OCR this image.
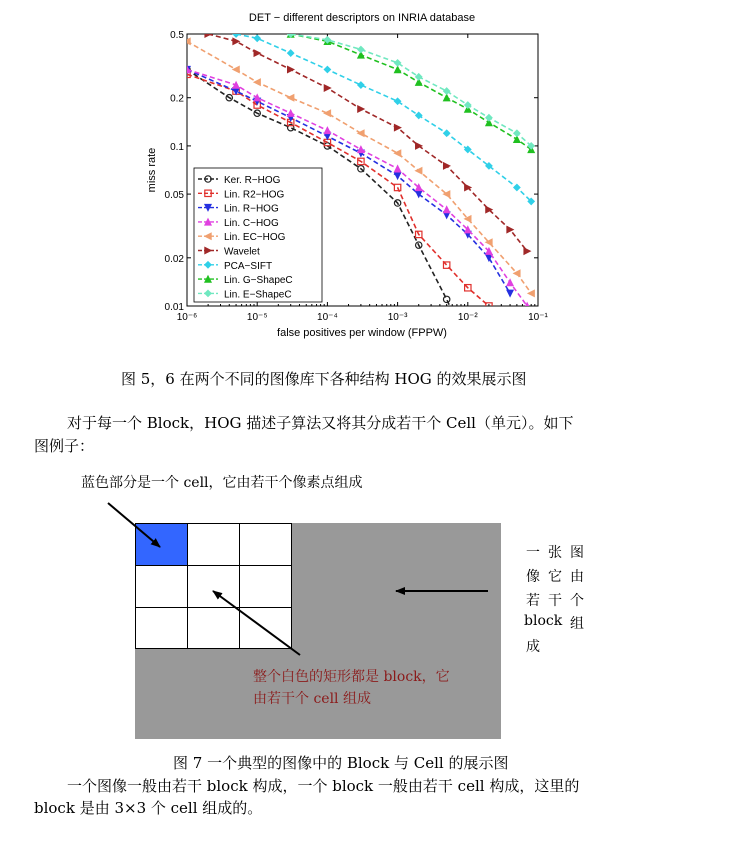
DET − different descriptors on INRIA database
10⁻⁶	10⁻⁵	10⁻⁴	10⁻³	10⁻²	10⁻¹
0.5
0.2
0.1
0.05
0.02
0.01
Ker. R−HOG
Lin. R2−HOG
Lin. R−HOG
Lin. C−HOG
Lin. EC−HOG
Wavelet
PCA−SIFT
Lin. G−ShapeC
Lin. E−ShapeC
false positives per window (FPPW)
miss rate
图 5，6 在两个不同的图像库下各种结构 HOG 的效果展示图
对于每一个 Block，HOG 描述子算法又将其分成若干个 Cell（单元）。如下
图例子：
蓝色部分是一个 cell，它由若干个像素点组成
整个白色的矩形都是 block，它
由若干个 cell 组成
一 张 图
像 它 由
若 干 个
block 组
成
图 7 一个典型的图像中的 Block 与 Cell 的展示图
一个图像一般由若干 block 构成，一个 block 一般由若干 cell 构成，这里的
block 是由 3×3 个 cell 组成的。
